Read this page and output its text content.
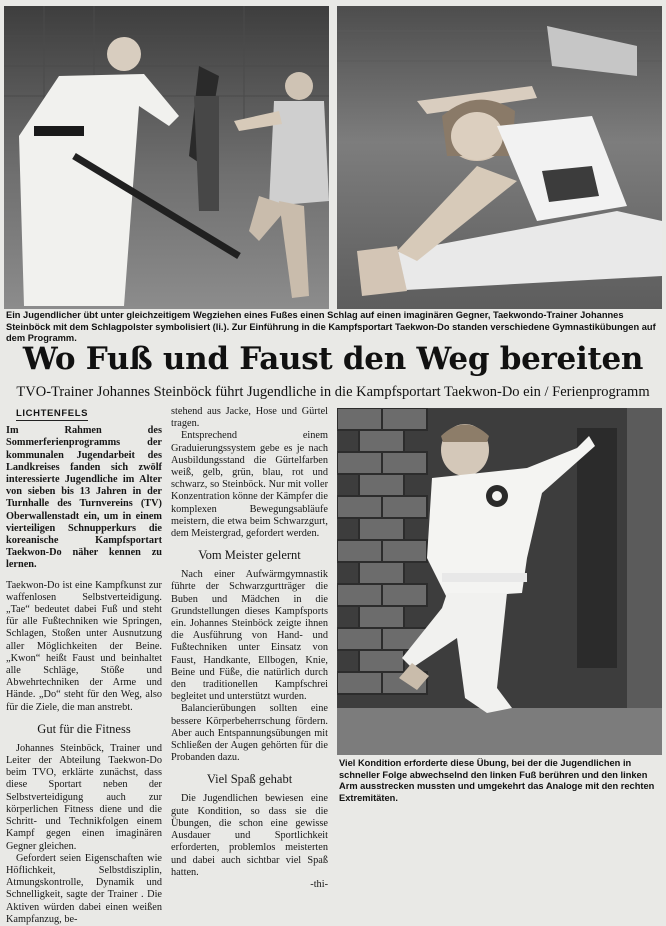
Ein Jugendlicher übt unter gleichzeitigem Wegziehen eines Fußes einen Schlag auf einen imaginären Gegner, Taekwondo-Trainer Johannes Steinböck mit dem Schlagpolster symbolisiert (li.). Zur Einführung in die Kampfsportart Taekwon-Do standen verschiedene Gymnastikübungen auf dem Programm.
Wo Fuß und Faust den Weg bereiten
TVO-Trainer Johannes Steinböck führt Jugendliche in die Kampfsportart Taekwon-Do ein / Ferienprogramm
LICHTENFELS

Im Rahmen des Sommerferienprogramms der kommunalen Jugendarbeit des Landkreises fanden sich zwölf interessierte Jugendliche im Alter von sieben bis 13 Jahren in der Turnhalle des Turnvereins (TV) Oberwallenstadt ein, um in einem vierteiligen Schnupperkurs die koreanische Kampfsportart Taekwon-Do näher kennen zu lernen.

Taekwon-Do ist eine Kampfkunst zur waffenlosen Selbstverteidigung. „Tae“ bedeutet dabei Fuß und steht für alle Fußtechniken wie Springen, Schlagen, Stoßen unter Ausnutzung aller Möglichkeiten der Beine. „Kwon“ heißt Faust und beinhaltet alle Schläge, Stöße und Abwehrtechniken der Arme und Hände. „Do“ steht für den Weg, also für die Ziele, die man anstrebt.

Gut für die Fitness

Johannes Steinböck, Trainer und Leiter der Abteilung Taekwon-Do beim TVO, erklärte zunächst, dass diese Sportart neben der Selbstverteidigung auch zur körperlichen Fitness diene und die Schritt- und Technikfolgen einem Kampf gegen einen imaginären Gegner gleichen.

Gefordert seien Eigenschaften wie Höflichkeit, Selbstdisziplin, Atmungskontrolle, Dynamik und Schnelligkeit, sagte der Trainer . Die Aktiven würden dabei einen weißen Kampfanzug, be-

stehend aus Jacke, Hose und Gürtel tragen.

Entsprechend einem Graduierungssystem gebe es je nach Ausbildungsstand die Gürtelfarben weiß, gelb, grün, blau, rot und schwarz, so Steinböck. Nur mit voller Konzentration könne der Kämpfer die komplexen Bewegungsabläufe meistern, die etwa beim Schwarzgurt, dem Meistergrad, gefordert werden.

Vom Meister gelernt

Nach einer Aufwärmgymnastik führte der Schwarzgurtträger die Buben und Mädchen in die Grundstellungen dieses Kampfsports ein. Johannes Steinböck zeigte ihnen die Ausführung von Hand- und Fußtechniken unter Einsatz von Faust, Handkante, Ellbogen, Knie, Beine und Füße, die natürlich durch den traditionellen Kampfschrei begleitet und unterstützt wurden.

Balancierübungen sollten eine bessere Körperbeherrschung fördern. Aber auch Entspannungsübungen mit Schließen der Augen gehörten für die Probanden dazu.

Viel Spaß gehabt

Die Jugendlichen bewiesen eine gute Kondition, so dass sie die Übungen, die schon eine gewisse Ausdauer und Sportlichkeit erforderten, problemlos meisterten und dabei auch sichtbar viel Spaß hatten.

-thi-

Viel Kondition erforderte diese Übung, bei der die Jugendlichen in schneller Folge abwechselnd den linken Fuß berühren und den linken Arm ausstrecken mussten und umgekehrt das Analoge mit den rechten Extremitäten.
